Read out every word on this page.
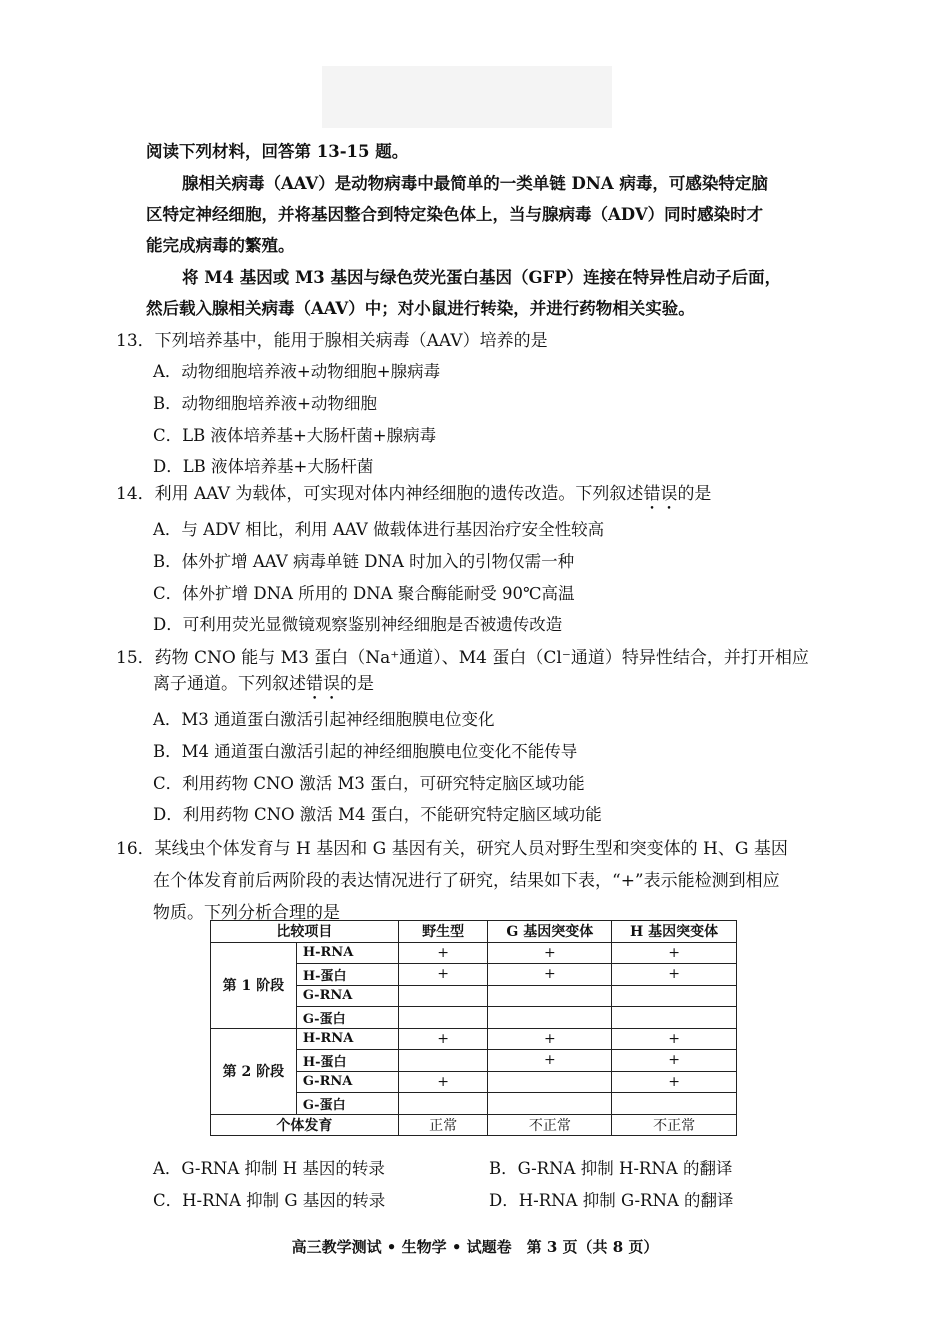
阅读下列材料，回答第 13-15 题。
腺相关病毒（AAV）是动物病毒中最简单的一类单链 DNA 病毒，可感染特定脑
区特定神经细胞，并将基因整合到特定染色体上，当与腺病毒（ADV）同时感染时才
能完成病毒的繁殖。
将 M4 基因或 M3 基因与绿色荧光蛋白基因（GFP）连接在特异性启动子后面，
然后载入腺相关病毒（AAV）中；对小鼠进行转染，并进行药物相关实验。
13．下列培养基中，能用于腺相关病毒（AAV）培养的是
A．动物细胞培养液+动物细胞+腺病毒
B．动物细胞培养液+动物细胞
C．LB 液体培养基+大肠杆菌+腺病毒
D．LB 液体培养基+大肠杆菌
14．利用 AAV 为载体，可实现对体内神经细胞的遗传改造。下列叙述错误的是
A．与 ADV 相比，利用 AAV 做载体进行基因治疗安全性较高
B．体外扩增 AAV 病毒单链 DNA 时加入的引物仅需一种
C．体外扩增 DNA 所用的 DNA 聚合酶能耐受 90℃高温
D．可利用荧光显微镜观察鉴别神经细胞是否被遗传改造
15．药物 CNO 能与 M3 蛋白（Na⁺通道）、M4 蛋白（Cl⁻通道）特异性结合，并打开相应
离子通道。下列叙述错误的是
A．M3 通道蛋白激活引起神经细胞膜电位变化
B．M4 通道蛋白激活引起的神经细胞膜电位变化不能传导
C．利用药物 CNO 激活 M3 蛋白，可研究特定脑区域功能
D．利用药物 CNO 激活 M4 蛋白，不能研究特定脑区域功能
16．某线虫个体发育与 H 基因和 G 基因有关，研究人员对野生型和突变体的 H、G 基因
在个体发育前后两阶段的表达情况进行了研究，结果如下表，“+”表示能检测到相应
物质。下列分析合理的是
比较项目		野生型	G 基因突变体	H 基因突变体
第 1 阶段	H-RNA	+	+	+
	H-蛋白	+	+	+
	G-RNA			
	G-蛋白			
第 2 阶段	H-RNA	+	+	+
	H-蛋白		+	+
	G-RNA	+		+
	G-蛋白			
个体发育		正常	不正常	不正常
A．G-RNA 抑制 H 基因的转录	B．G-RNA 抑制 H-RNA 的翻译
C．H-RNA 抑制 G 基因的转录	D．H-RNA 抑制 G-RNA 的翻译
高三教学测试 • 生物学 • 试题卷　第 3 页（共 8 页）
